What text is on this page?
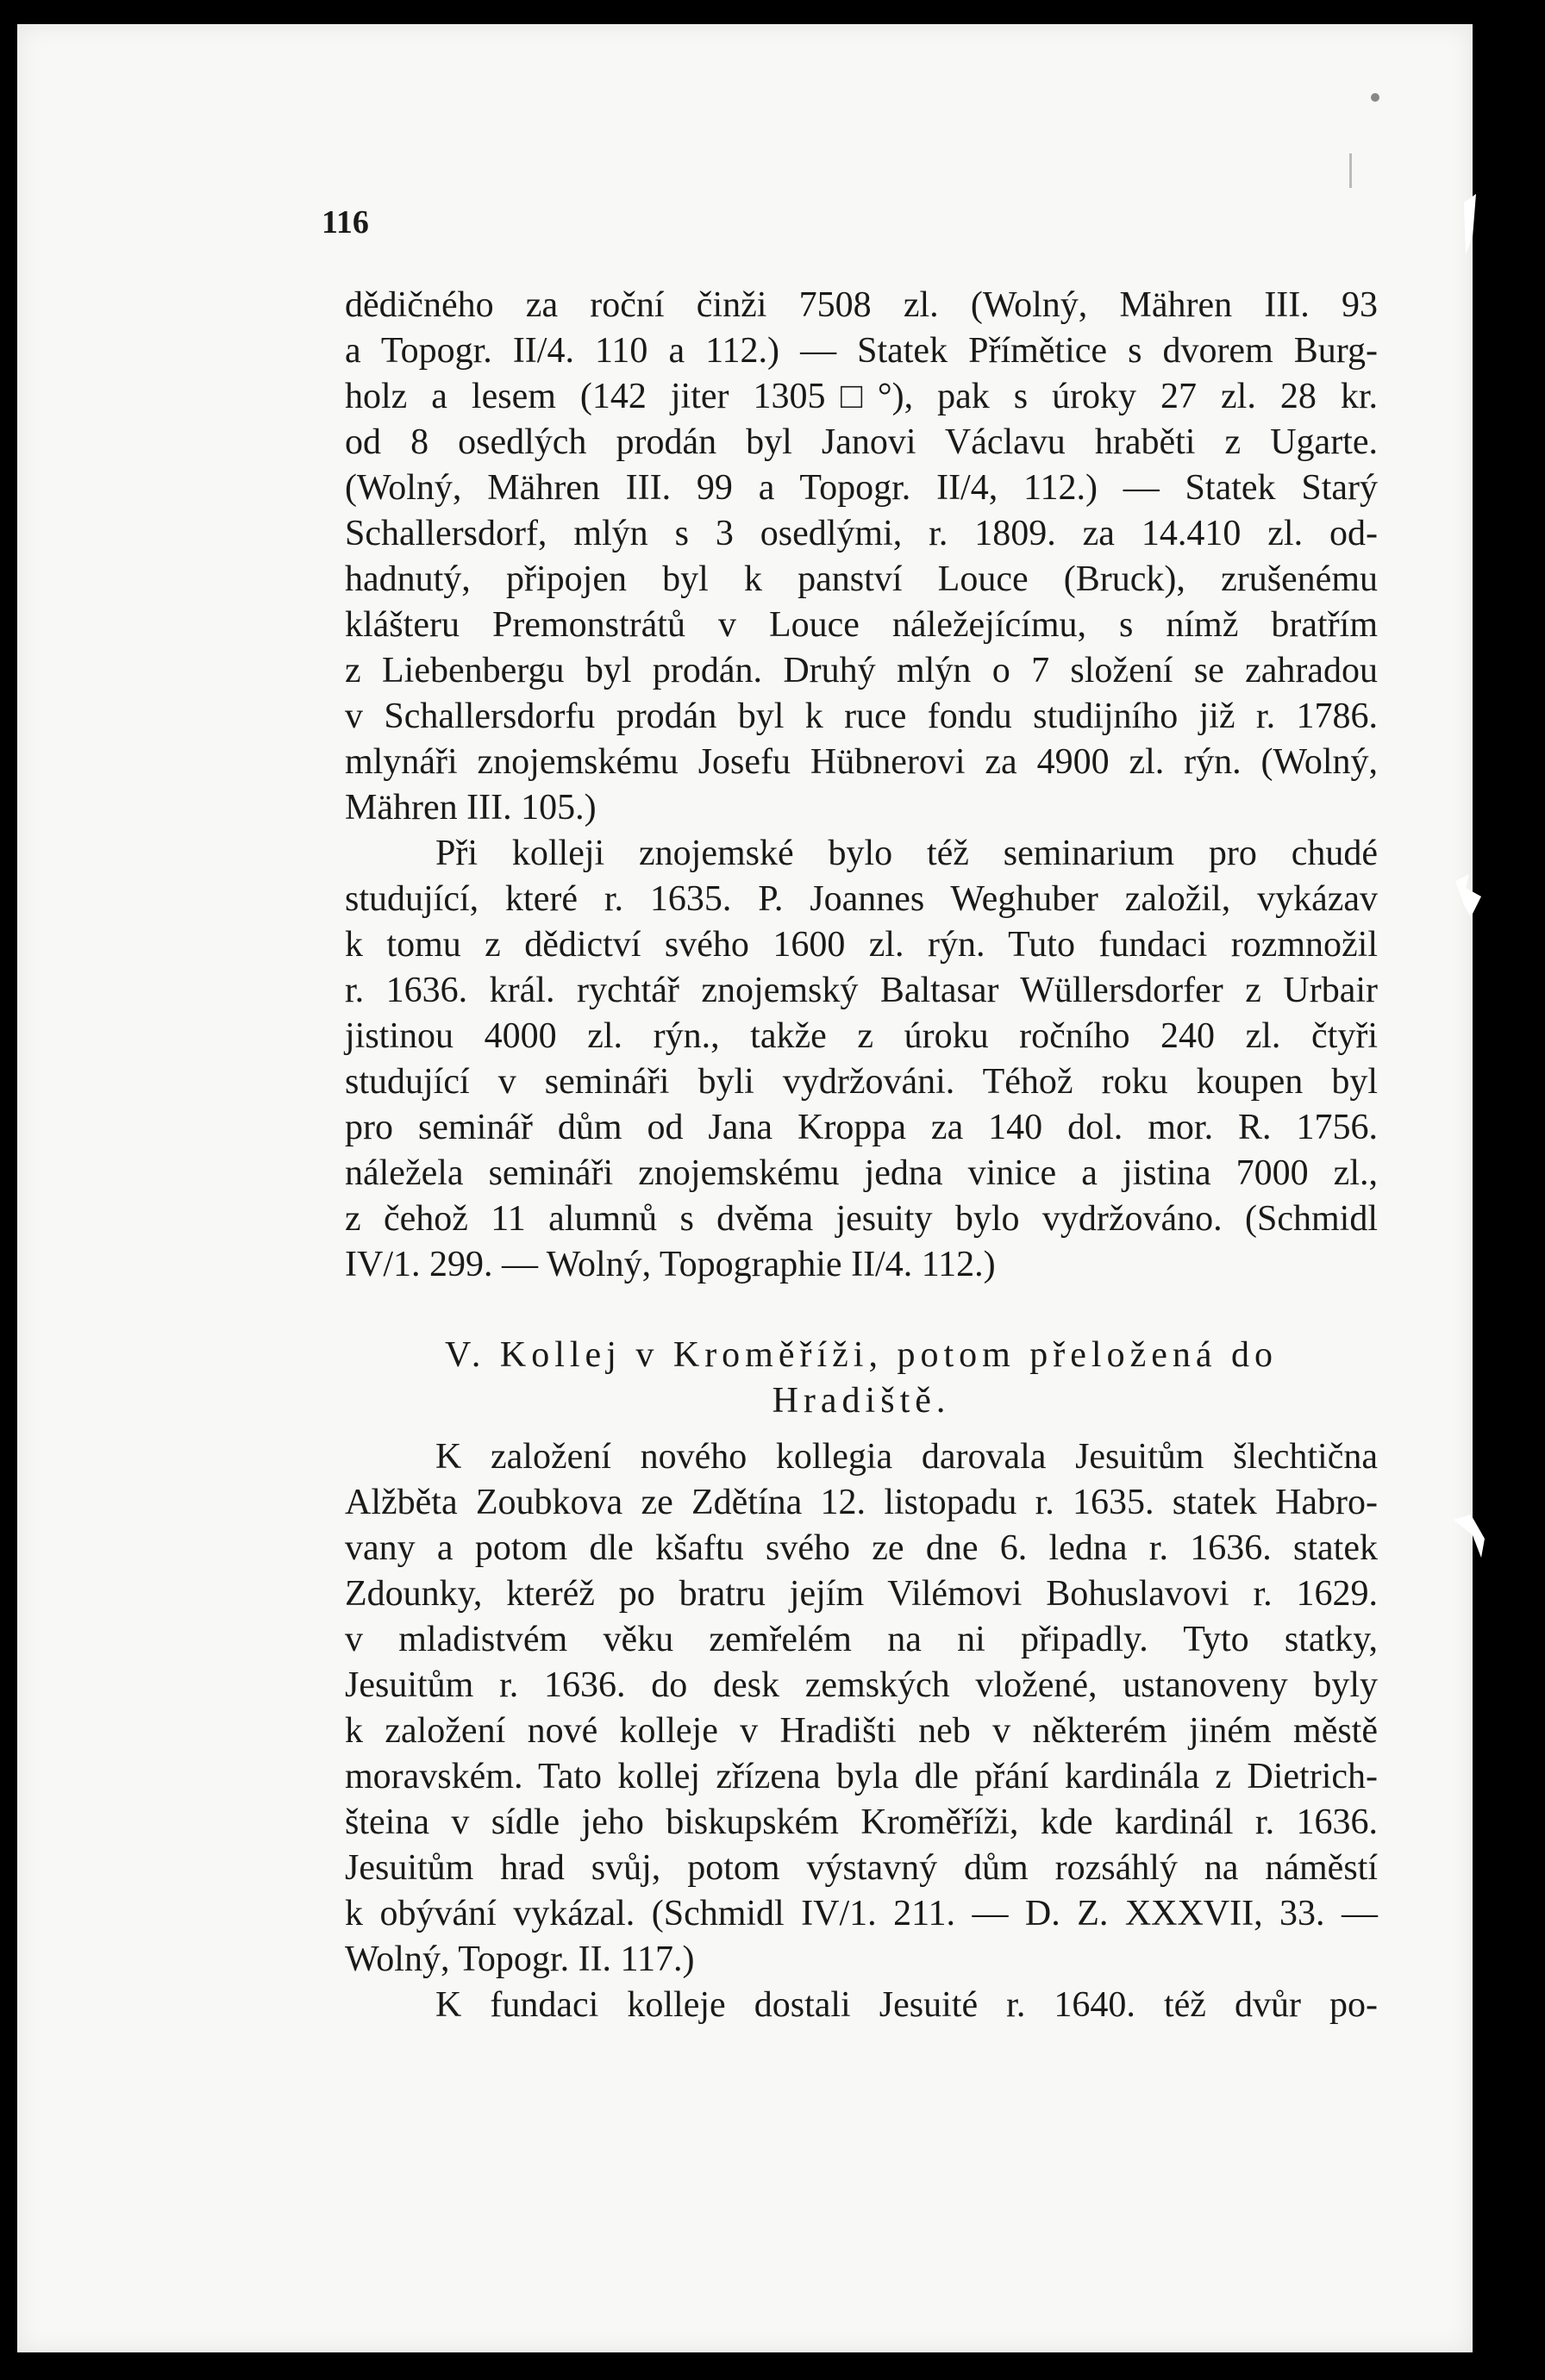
116
dědičného za roční činži 7508 zl. (Wolný, Mähren III. 93
a Topogr. II/4. 110 a 112.) — Statek Přímětice s dvorem Burg-
holz a lesem (142 jiter 1305□°), pak s úroky 27 zl. 28 kr.
od 8 osedlých prodán byl Janovi Václavu hraběti z Ugarte.
(Wolný, Mähren III. 99 a Topogr. II/4, 112.) — Statek Starý
Schallersdorf, mlýn s 3 osedlými, r. 1809. za 14.410 zl. od-
hadnutý, připojen byl k panství Louce (Bruck), zrušenému
klášteru Premonstrátů v Louce náležejícímu, s nímž bratřím
z Liebenbergu byl prodán. Druhý mlýn o 7 složení se zahradou
v Schallersdorfu prodán byl k ruce fondu studijního již r. 1786.
mlynáři znojemskému Josefu Hübnerovi za 4900 zl. rýn. (Wolný,
Mähren III. 105.)
Při kolleji znojemské bylo též seminarium pro chudé
studující, které r. 1635. P. Joannes Weghuber založil, vykázav
k tomu z dědictví svého 1600 zl. rýn. Tuto fundaci rozmnožil
r. 1636. král. rychtář znojemský Baltasar Wüllersdorfer z Urbair
jistinou 4000 zl. rýn., takže z úroku ročního 240 zl. čtyři
studující v semináři byli vydržováni. Téhož roku koupen byl
pro seminář dům od Jana Kroppa za 140 dol. mor. R. 1756.
náležela semináři znojemskému jedna vinice a jistina 7000 zl.,
z čehož 11 alumnů s dvěma jesuity bylo vydržováno. (Schmidl
IV/1. 299. — Wolný, Topographie II/4. 112.)
V. Kollej v Kroměříži, potom přeložená do
Hradiště.
K založení nového kollegia darovala Jesuitům šlechtična
Alžběta Zoubkova ze Zdětína 12. listopadu r. 1635. statek Habro-
vany a potom dle kšaftu svého ze dne 6. ledna r. 1636. statek
Zdounky, kteréž po bratru jejím Vilémovi Bohuslavovi r. 1629.
v mladistvém věku zemřelém na ni připadly. Tyto statky,
Jesuitům r. 1636. do desk zemských vložené, ustanoveny byly
k založení nové kolleje v Hradišti neb v některém jiném městě
moravském. Tato kollej zřízena byla dle přání kardinála z Dietrich-
šteina v sídle jeho biskupském Kroměříži, kde kardinál r. 1636.
Jesuitům hrad svůj, potom výstavný dům rozsáhlý na náměstí
k obývání vykázal. (Schmidl IV/1. 211. — D. Z. XXXVII, 33. —
Wolný, Topogr. II. 117.)
K fundaci kolleje dostali Jesuité r. 1640. též dvůr po-
